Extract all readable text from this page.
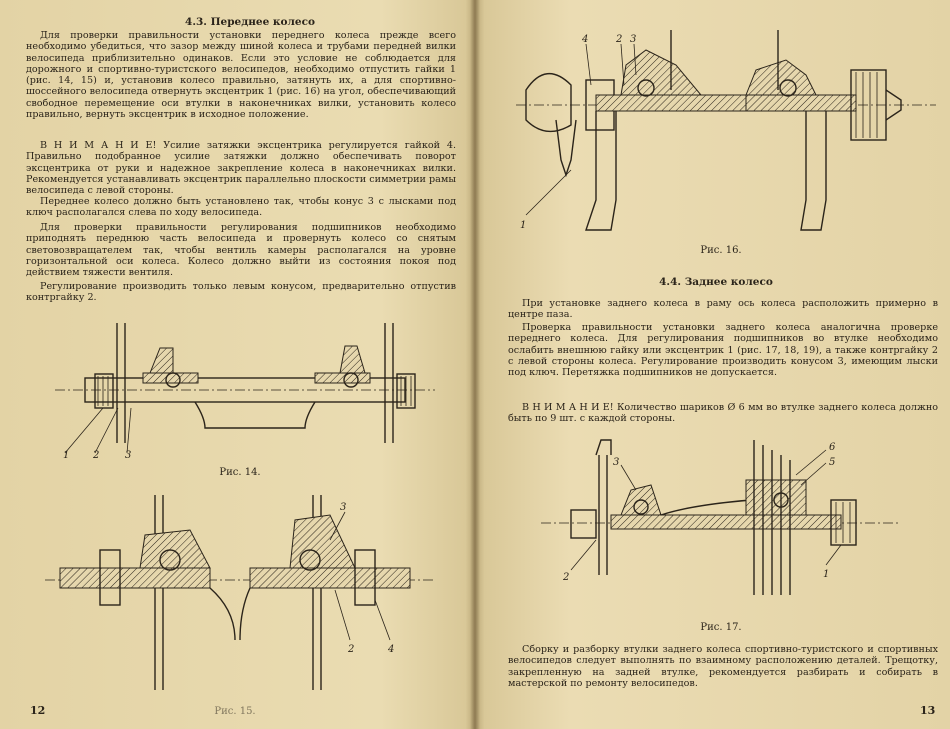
4.3. Переднее колесо
Для проверки правильности установки переднего колеса прежде всего необходимо убедиться, что зазор между шиной колеса и трубами передней вилки велосипеда приблизительно одинаков. Если это условие не соблюдается для дорожного и спортивно-туристского велосипедов, необходимо отпустить гайки 1 (рис. 14, 15) и, установив колесо правильно, затянуть их, а для спортивно-шоссейного велосипеда отвернуть эксцентрик 1 (рис. 16) на угол, обеспечивающий свободное перемещение оси втулки в наконечниках вилки, установить колесо правильно, вернуть эксцентрик в исходное положение.
В Н И М А Н И Е! Усилие затяжки эксцентрика регулируется гайкой 4. Правильно подобранное усилие затяжки должно обеспечивать поворот эксцентрика от руки и надежное закрепление колеса в наконечниках вилки. Рекомендуется устанавливать эксцентрик параллельно плоскости симметрии рамы велосипеда с левой стороны.
Переднее колесо должно быть установлено так, чтобы конус 3 с лысками под ключ располагался слева по ходу велосипеда.
Для проверки правильности регулирования подшипников необходимо приподнять переднюю часть велосипеда и провернуть колесо со снятым световозвращателем так, чтобы вентиль камеры располагался на уровне горизонтальной оси колеса. Колесо должно выйти из состояния покоя под действием тяжести вентиля.
Регулирование производить только левым конусом, предварительно отпустив контргайку 2.
1 2	3
Рис. 14.
3
2	4
Рис. 15.
12
4	2 3
1
Рис. 16.
4.4. Заднее колесо
При установке заднего колеса в раму ось колеса расположить примерно в центре паза.
Проверка правильности установки заднего колеса аналогична проверке переднего колеса. Для регулирования подшипников во втулке необходимо ослабить внешнюю гайку или эксцентрик 1 (рис. 17, 18, 19), а также контргайку 2 с левой стороны колеса. Регулирование производить конусом 3, имеющим лыски под ключ. Перетяжка подшипников не допускается.
В Н И М А Н И Е! Количество шариков Ø 6 мм во втулке заднего колеса должно быть по 9 шт. с каждой стороны.
3
2
6
5
1
Рис. 17.
Сборку и разборку втулки заднего колеса спортивно-туристского и спортивных велосипедов следует выполнять по взаимному расположению деталей. Трещотку, закрепленную на задней втулке, рекомендуется разбирать и собирать в мастерской по ремонту велосипедов.
13
